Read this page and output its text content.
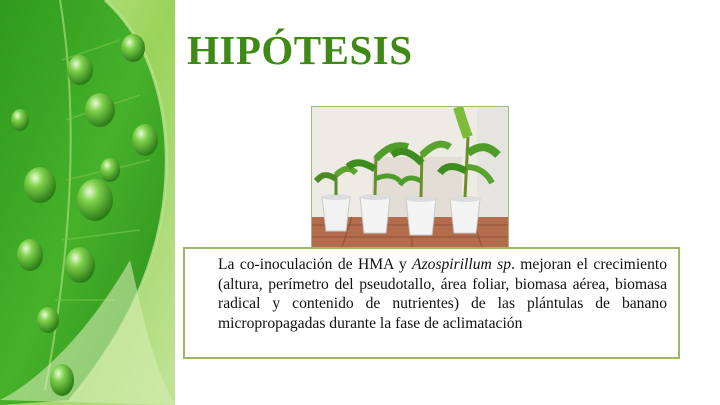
HIPÓTESIS

La co-inoculación de HMA y Azospirillum sp. mejoran el crecimiento (altura, perímetro del pseudotallo, área foliar, biomasa aérea, biomasa radical y contenido de nutrientes) de las plántulas de banano micropropagadas durante la fase de aclimatación
